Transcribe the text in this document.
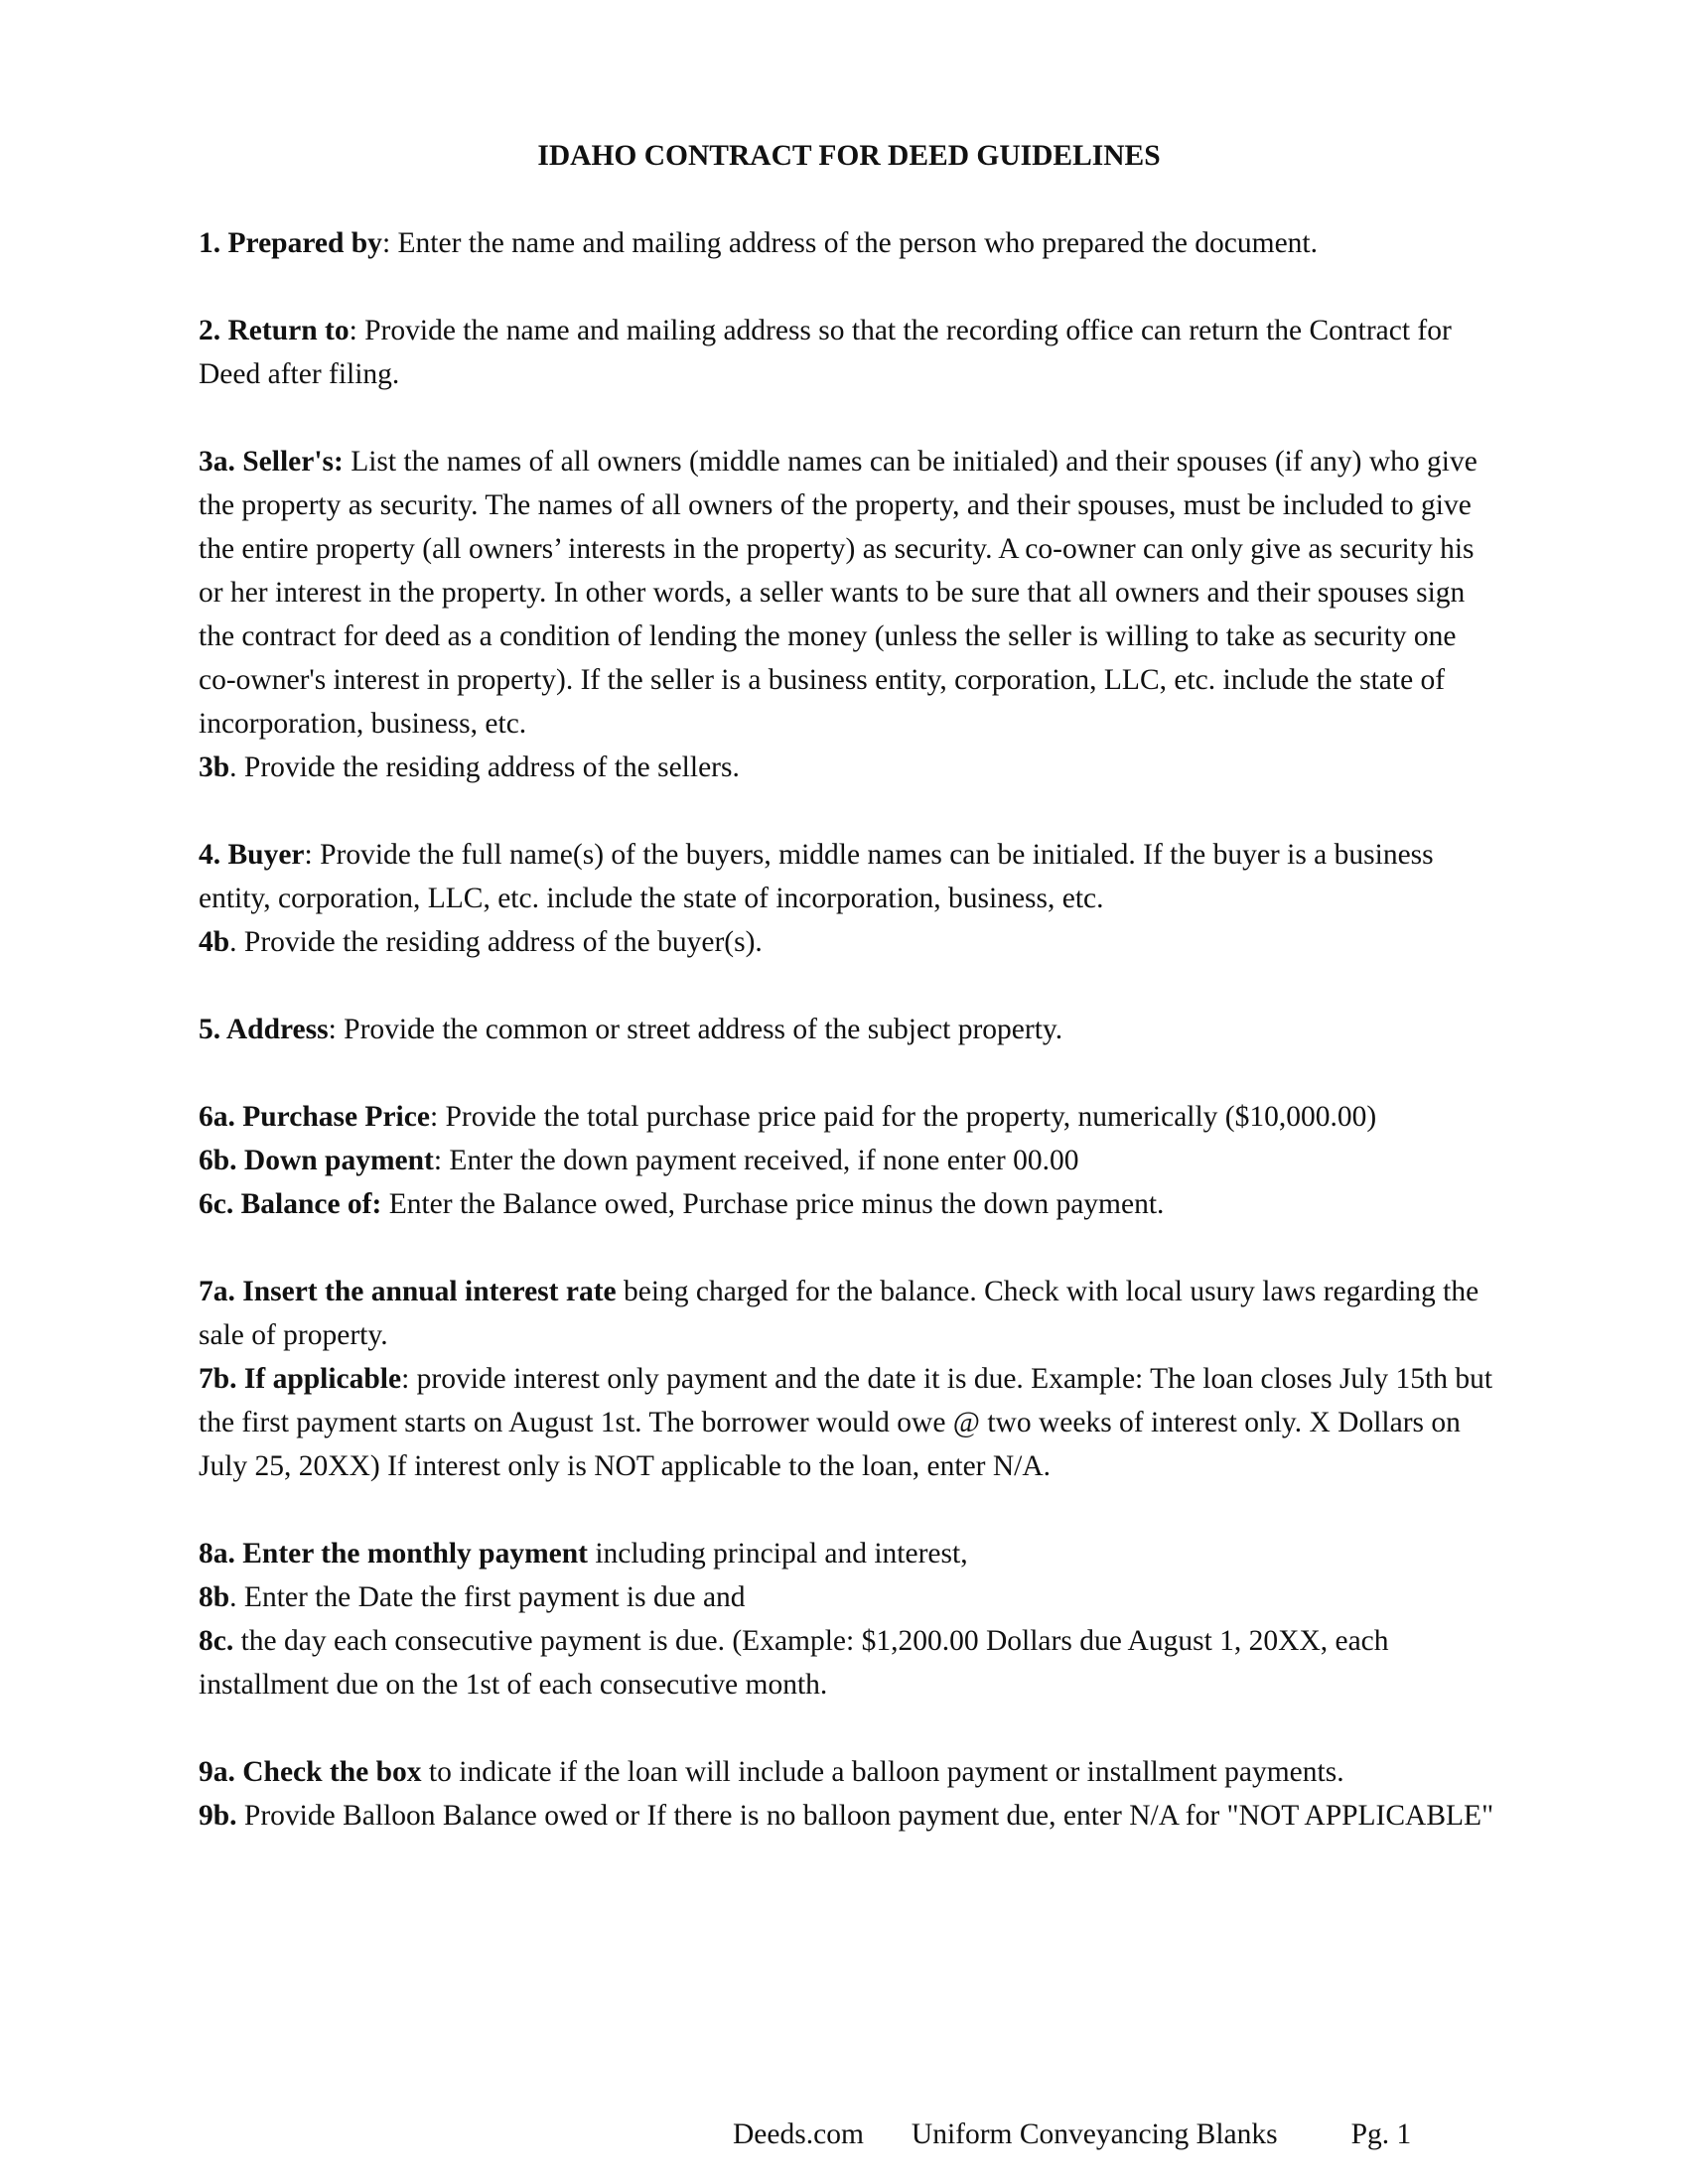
IDAHO CONTRACT FOR DEED GUIDELINES

1. Prepared by: Enter the name and mailing address of the person who prepared the document.

2. Return to: Provide the name and mailing address so that the recording office can return the Contract for Deed after filing.

3a. Seller's: List the names of all owners (middle names can be initialed) and their spouses (if any) who give the property as security. The names of all owners of the property, and their spouses, must be included to give the entire property (all owners’ interests in the property) as security. A co-owner can only give as security his or her interest in the property. In other words, a seller wants to be sure that all owners and their spouses sign the contract for deed as a condition of lending the money (unless the seller is willing to take as security one co-owner's interest in property). If the seller is a business entity, corporation, LLC, etc. include the state of incorporation, business, etc.

3b. Provide the residing address of the sellers.

4. Buyer: Provide the full name(s) of the buyers, middle names can be initialed. If the buyer is a business entity, corporation, LLC, etc. include the state of incorporation, business, etc.

4b. Provide the residing address of the buyer(s).

5. Address: Provide the common or street address of the subject property.

6a. Purchase Price: Provide the total purchase price paid for the property, numerically ($10,000.00)

6b. Down payment: Enter the down payment received, if none enter 00.00

6c. Balance of: Enter the Balance owed, Purchase price minus the down payment.

7a. Insert the annual interest rate being charged for the balance. Check with local usury laws regarding the sale of property.

7b. If applicable: provide interest only payment and the date it is due. Example: The loan closes July 15th but the first payment starts on August 1st. The borrower would owe @ two weeks of interest only. X Dollars on July 25, 20XX) If interest only is NOT applicable to the loan, enter N/A.

8a. Enter the monthly payment including principal and interest,

8b. Enter the Date the first payment is due and

8c. the day each consecutive payment is due. (Example: $1,200.00 Dollars due August 1, 20XX, each installment due on the 1st of each consecutive month.

9a. Check the box to indicate if the loan will include a balloon payment or installment payments.

9b. Provide Balloon Balance owed or If there is no balloon payment due, enter N/A for "NOT APPLICABLE"

Deeds.com Uniform Conveyancing Blanks	Pg. 1
